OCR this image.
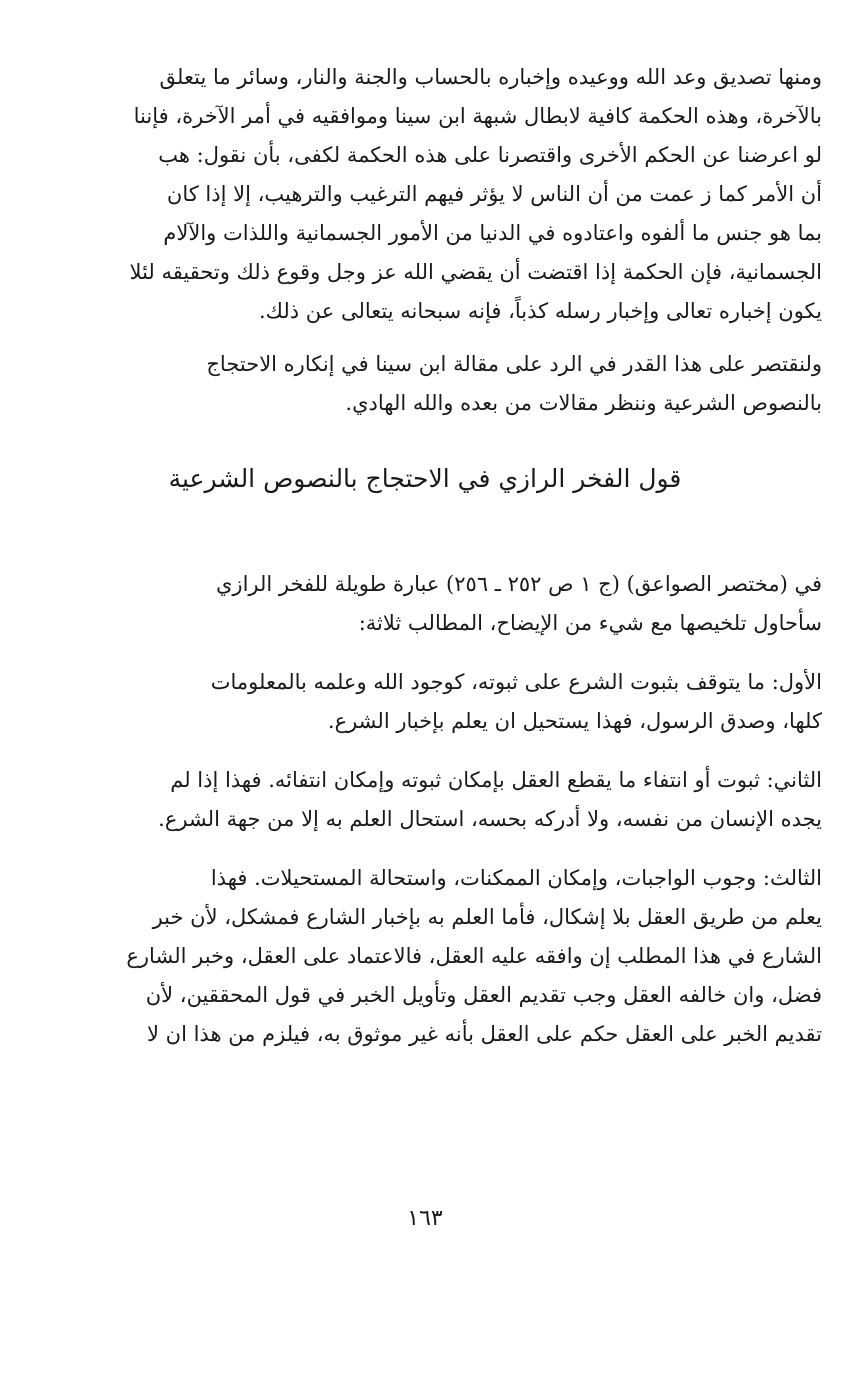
ومنها تصديق وعد الله ووعيده وإخباره بالحساب والجنة والنار، وسائر ما يتعلق
بالآخرة، وهذه الحكمة كافية لابطال شبهة ابن سينا وموافقيه في أمر الآخرة، فإننا
لو اعرضنا عن الحكم الأخرى واقتصرنا على هذه الحكمة لكفى، بأن نقول: هب
أن الأمر كما ز عمت من أن الناس لا يؤثر فيهم الترغيب والترهيب، إلا إذا كان
بما هو جنس ما ألفوه واعتادوه في الدنيا من الأمور الجسمانية واللذات والآلام
الجسمانية، فإن الحكمة إذا اقتضت أن يقضي الله عز وجل وقوع ذلك وتحقيقه لئلا
يكون إخباره تعالى وإخبار رسله كذباً، فإنه سبحانه يتعالى عن ذلك.

ولنقتصر على هذا القدر في الرد على مقالة ابن سينا في إنكاره الاحتجاج
بالنصوص الشرعية وننظر مقالات من بعده والله الهادي.

قول الفخر الرازي في الاحتجاج بالنصوص الشرعية

في (مختصر الصواعق) (ج ١ ص ٢٥٢ ـ ٢٥٦) عبارة طويلة للفخر الرازي
سأحاول تلخيصها مع شيء من الإيضاح، المطالب ثلاثة:

الأول: ما يتوقف بثبوت الشرع على ثبوته، كوجود الله وعلمه بالمعلومات
كلها، وصدق الرسول، فهذا يستحيل ان يعلم بإخبار الشرع.

الثاني: ثبوت أو انتفاء ما يقطع العقل بإمكان ثبوته وإمكان انتفائه. فهذا إذا لم
يجده الإنسان من نفسه، ولا أدركه بحسه، استحال العلم به إلا من جهة الشرع.

الثالث: وجوب الواجبات، وإمكان الممكنات، واستحالة المستحيلات. فهذا
يعلم من طريق العقل بلا إشكال، فأما العلم به بإخبار الشارع فمشكل، لأن خبر
الشارع في هذا المطلب إن وافقه عليه العقل، فالاعتماد على العقل، وخبر الشارع
فضل، وان خالفه العقل وجب تقديم العقل وتأويل الخبر في قول المحققين، لأن
تقديم الخبر على العقل حكم على العقل بأنه غير موثوق به، فيلزم من هذا ان لا

١٦٣
